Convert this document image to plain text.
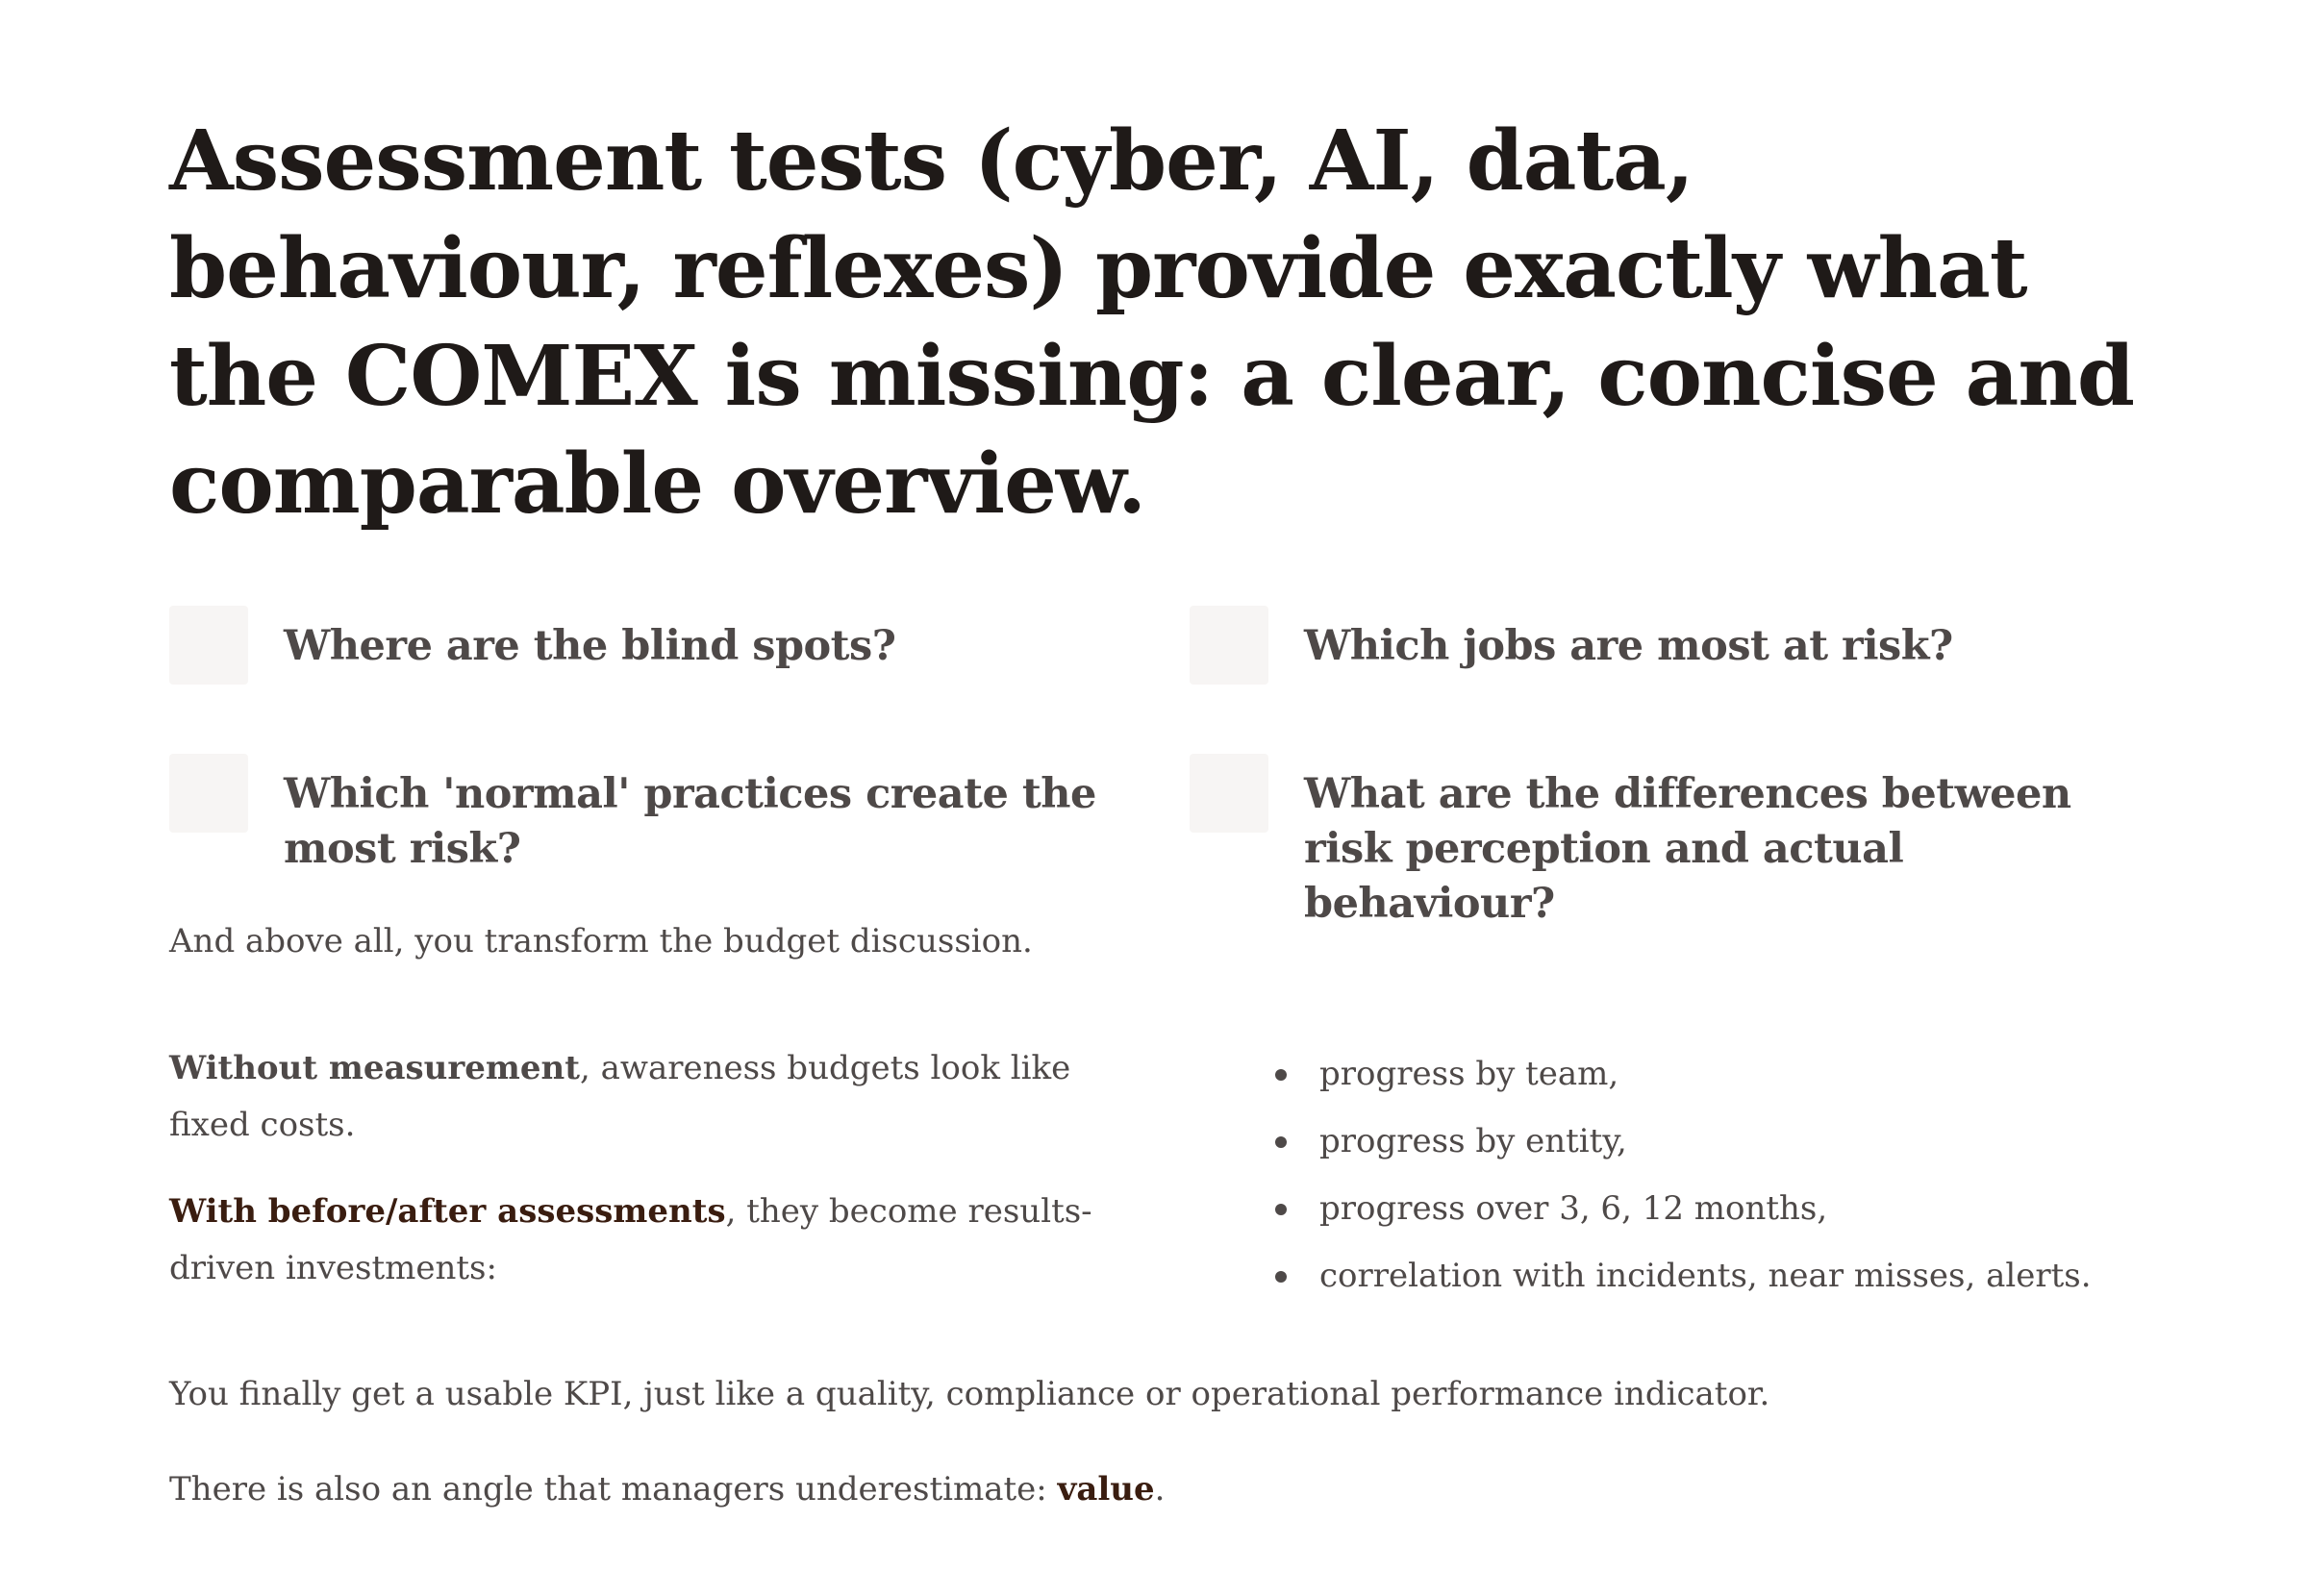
Assessment tests (cyber, AI, data, behaviour, reflexes) provide exactly what the COMEX is missing: a clear, concise and comparable overview.
Where are the blind spots?	Which jobs are most at risk?
Which 'normal' practices create the most risk?
What are the differences between risk perception and actual behaviour?

And above all, you transform the budget discussion.

Without measurement, awareness budgets look like fixed costs.

With before/after assessments, they become results-driven investments:

progress by team,
progress by entity,
progress over 3, 6, 12 months,
correlation with incidents, near misses, alerts.

You finally get a usable KPI, just like a quality, compliance or operational performance indicator.

There is also an angle that managers underestimate: value.
